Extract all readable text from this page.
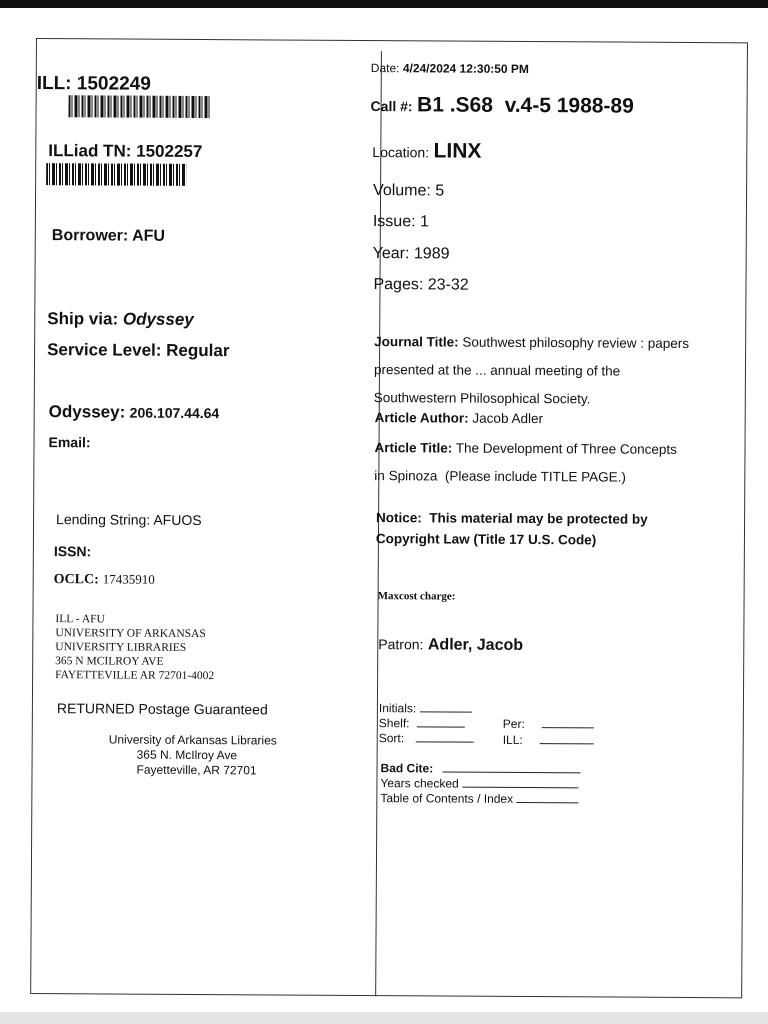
ILL: 1502249
ILLiad TN: 1502257
Borrower: AFU
Ship via: Odyssey
Service Level: Regular
Odyssey: 206.107.44.64
Email:
Lending String: AFUOS
ISSN:
OCLC: 17435910
ILL - AFU
UNIVERSITY OF ARKANSAS
UNIVERSITY LIBRARIES
365 N MCILROY AVE
FAYETTEVILLE AR 72701-4002
RETURNED Postage Guaranteed
University of Arkansas Libraries
365 N. McIlroy Ave
Fayetteville, AR 72701
Date: 4/24/2024 12:30:50 PM
Call #: B1 .S68  v.4-5 1988-89
Location: LINX
Volume: 5
Issue: 1
Year: 1989
Pages: 23-32
Journal Title: Southwest philosophy review : papers
presented at the ... annual meeting of the
Southwestern Philosophical Society.
Article Author: Jacob Adler
Article Title: The Development of Three Concepts
in Spinoza  (Please include TITLE PAGE.)
Notice:  This material may be protected by
Copyright Law (Title 17 U.S. Code)
Maxcost charge:
Patron: Adler, Jacob
Initials:
Shelf:
Sort:
Per:
ILL:
Bad Cite:
Years checked
Table of Contents / Index
